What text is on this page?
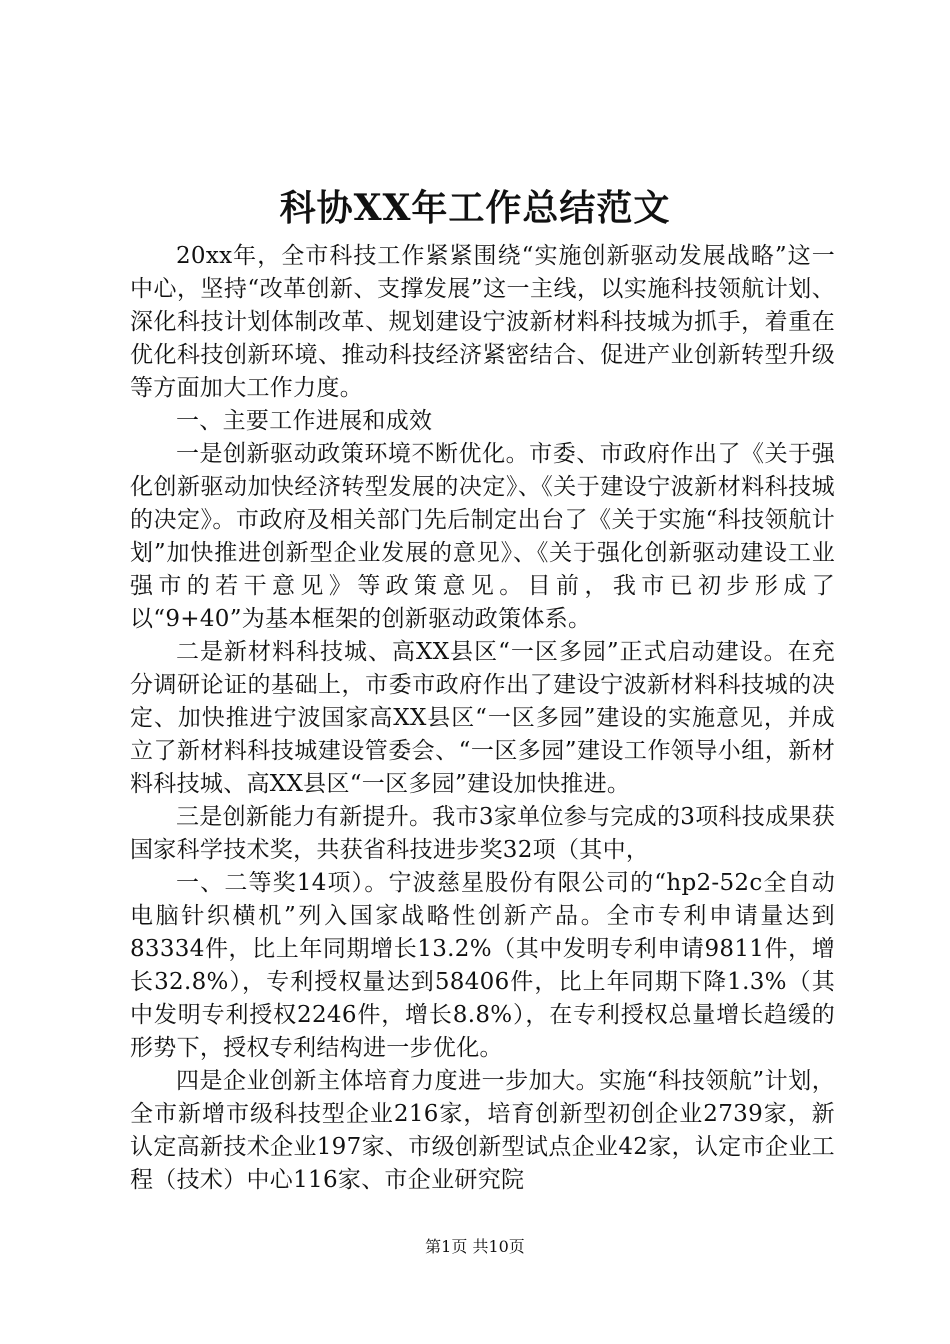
科协XX年工作总结范文

20xx年，全市科技工作紧紧围绕“实施创新驱动发展战略”这一中心，坚持“改革创新、支撑发展”这一主线，以实施科技领航计划、深化科技计划体制改革、规划建设宁波新材料科技城为抓手，着重在优化科技创新环境、推动科技经济紧密结合、促进产业创新转型升级等方面加大工作力度。

一、主要工作进展和成效

一是创新驱动政策环境不断优化。市委、市政府作出了《关于强化创新驱动加快经济转型发展的决定》、《关于建设宁波新材料科技城的决定》。市政府及相关部门先后制定出台了《关于实施“科技领航计划”加快推进创新型企业发展的意见》、《关于强化创新驱动建设工业强市的若干意见》等政策意见。目前，我市已初步形成了以“9+40”为基本框架的创新驱动政策体系。

二是新材料科技城、高XX县区“一区多园”正式启动建设。在充分调研论证的基础上，市委市政府作出了建设宁波新材料科技城的决定、加快推进宁波国家高XX县区“一区多园”建设的实施意见，并成立了新材料科技城建设管委会、“一区多园”建设工作领导小组，新材料科技城、高XX县区“一区多园”建设加快推进。

三是创新能力有新提升。我市3家单位参与完成的3项科技成果获国家科学技术奖，共获省科技进步奖32项（其中，

一、二等奖14项）。宁波慈星股份有限公司的“hp2-52c全自动电脑针织横机”列入国家战略性创新产品。全市专利申请量达到83334件，比上年同期增长13.2%（其中发明专利申请9811件，增长32.8%），专利授权量达到58406件，比上年同期下降1.3%（其中发明专利授权2246件，增长8.8%），在专利授权总量增长趋缓的形势下，授权专利结构进一步优化。

四是企业创新主体培育力度进一步加大。实施“科技领航”计划，全市新增市级科技型企业216家，培育创新型初创企业2739家，新认定高新技术企业197家、市级创新型试点企业42家，认定市企业工程（技术）中心116家、市企业研究院

第1页 共10页
